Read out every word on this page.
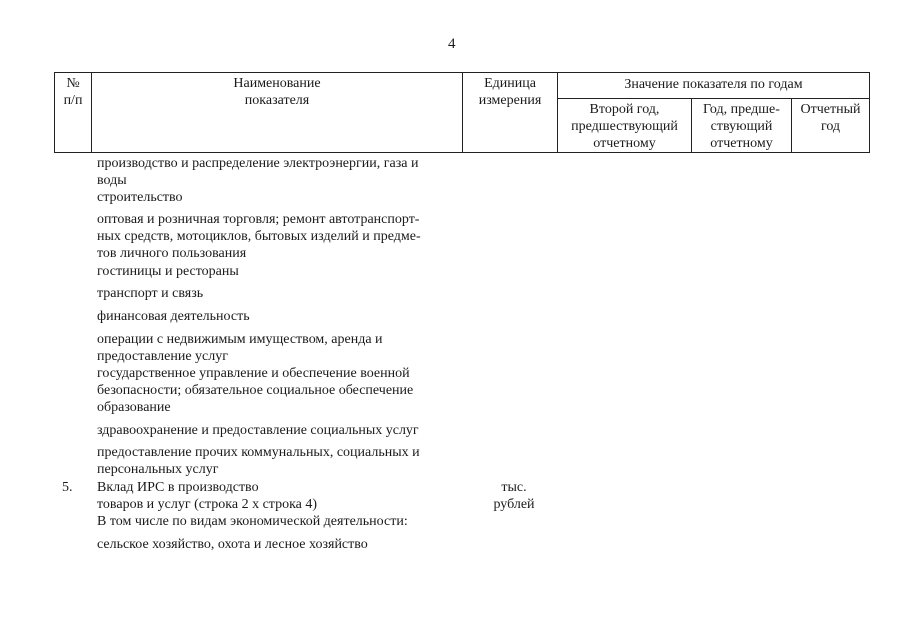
4
№
п/п
Наименование
показателя
Единица
измерения
Значение показателя по годам
Второй год,
предшествующий
отчетному
Год, предше-
ствующий
отчетному
Отчетный
год
производство и распределение электроэнергии, газа и
воды
строительство
оптовая и розничная торговля; ремонт автотранспорт-
ных средств, мотоциклов, бытовых изделий и предме-
тов личного пользования
гостиницы и рестораны
транспорт и связь
финансовая деятельность
операции с недвижимым имуществом, аренда и
предоставление услуг
государственное управление и обеспечение военной
безопасности; обязательное социальное обеспечение
образование
здравоохранение и предоставление социальных услуг
предоставление прочих коммунальных, социальных и
персональных услуг
5. Вклад ИРС в производство
товаров и услуг (строка 2 х строка 4)
тыс.
рублей
В том числе по видам экономической деятельности:
сельское хозяйство, охота и лесное хозяйство
